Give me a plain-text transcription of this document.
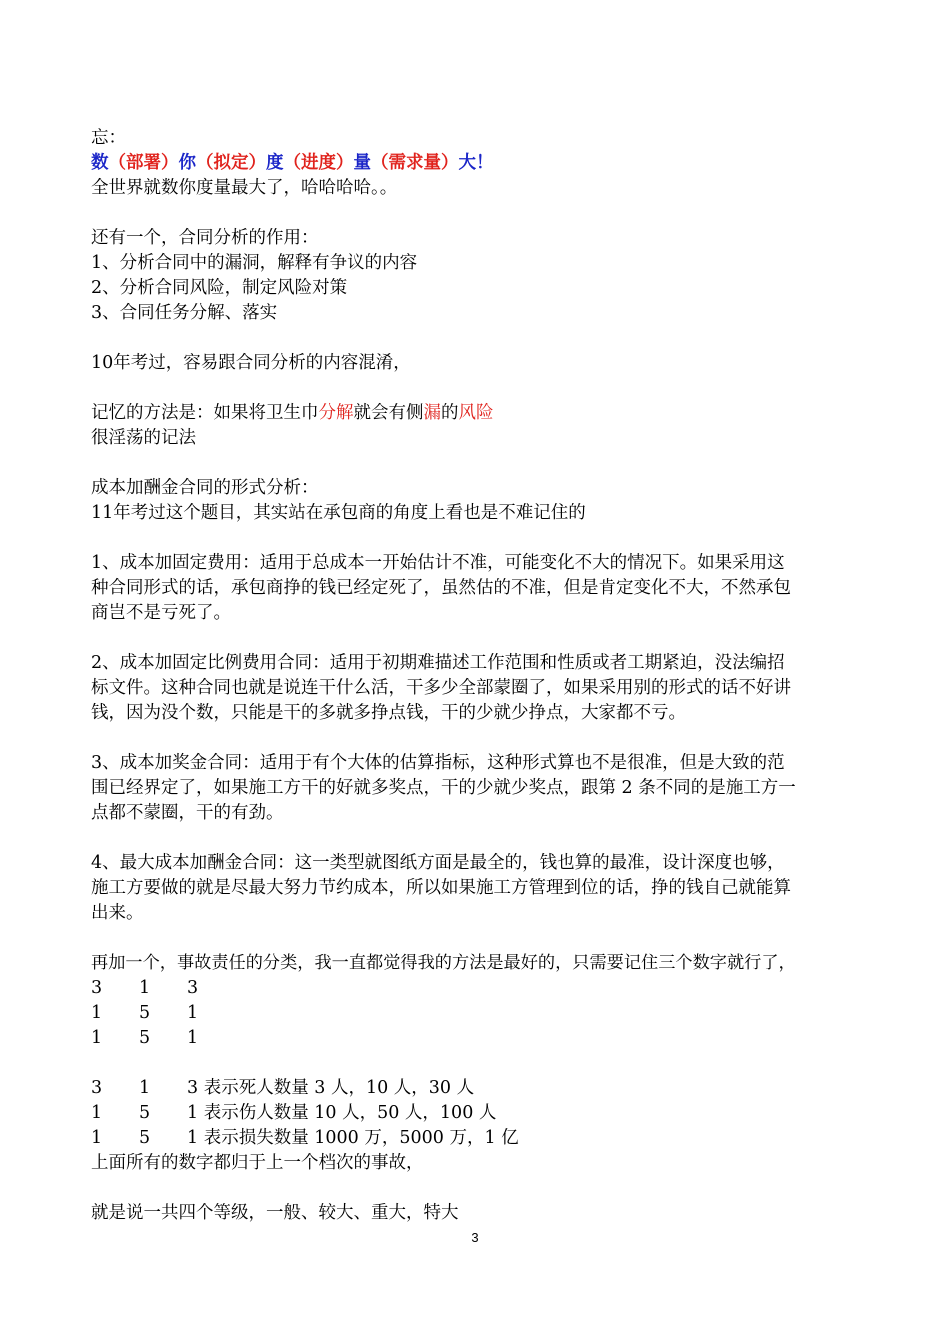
忘：
数（部署）你（拟定）度（进度）量（需求量）大！
全世界就数你度量最大了，哈哈哈哈。。
还有一个，合同分析的作用：
1、分析合同中的漏洞，解释有争议的内容
2、分析合同风险，制定风险对策
3、合同任务分解、落实
10年考过，容易跟合同分析的内容混淆，
记忆的方法是：如果将卫生巾分解就会有侧漏的风险
很淫荡的记法
成本加酬金合同的形式分析：
11年考过这个题目，其实站在承包商的角度上看也是不难记住的
1、成本加固定费用：适用于总成本一开始估计不准，可能变化不大的情况下。如果采用这
种合同形式的话，承包商挣的钱已经定死了，虽然估的不准，但是肯定变化不大，不然承包
商岂不是亏死了。
2、成本加固定比例费用合同：适用于初期难描述工作范围和性质或者工期紧迫，没法编招
标文件。这种合同也就是说连干什么活，干多少全部蒙圈了，如果采用别的形式的话不好讲
钱，因为没个数，只能是干的多就多挣点钱，干的少就少挣点，大家都不亏。
3、成本加奖金合同：适用于有个大体的估算指标，这种形式算也不是很准，但是大致的范
围已经界定了，如果施工方干的好就多奖点，干的少就少奖点，跟第 2 条不同的是施工方一
点都不蒙圈，干的有劲。
4、最大成本加酬金合同：这一类型就图纸方面是最全的，钱也算的最准，设计深度也够，
施工方要做的就是尽最大努力节约成本，所以如果施工方管理到位的话，挣的钱自己就能算
出来。
再加一个，事故责任的分类，我一直都觉得我的方法是最好的，只需要记住三个数字就行了，
3 1 3
1 5 1
1 5 1
3 1 3 表示死人数量 3 人，10 人，30 人
1 5 1 表示伤人数量 10 人，50 人，100 人
1 5 1 表示损失数量 1000 万，5000 万，1 亿
上面所有的数字都归于上一个档次的事故，
就是说一共四个等级，一般、较大、重大，特大
3
